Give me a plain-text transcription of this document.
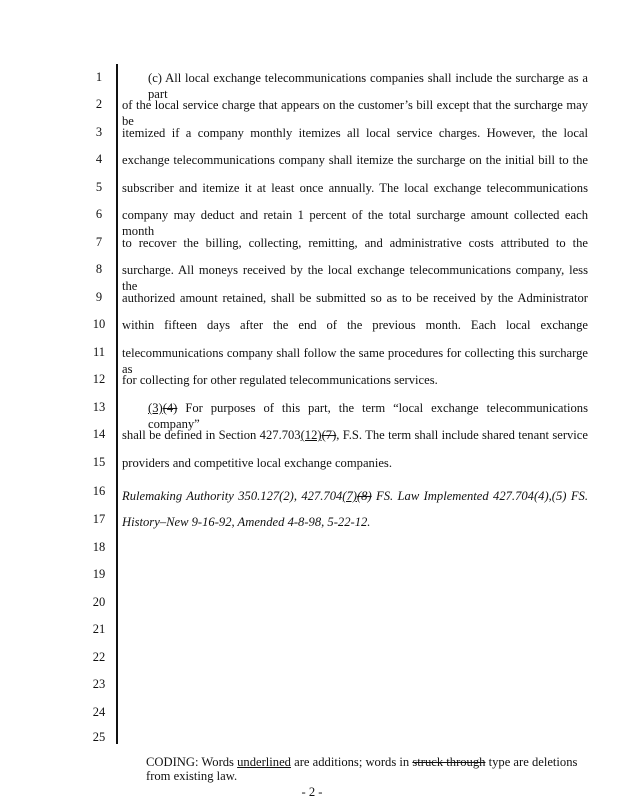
1
2
3
4
5
6
7
8
9
10
11
12
13
14
15
16
17
18
19
20
21
22
23
24
25
(c) All local exchange telecommunications companies shall include the surcharge as a part
of the local service charge that appears on the customer’s bill except that the surcharge may be
itemized if a company monthly itemizes all local service charges. However, the local
exchange telecommunications company shall itemize the surcharge on the initial bill to the
subscriber and itemize it at least once annually. The local exchange telecommunications
company may deduct and retain 1 percent of the total surcharge amount collected each month
to recover the billing, collecting, remitting, and administrative costs attributed to the
surcharge. All moneys received by the local exchange telecommunications company, less the
authorized amount retained, shall be submitted so as to be received by the Administrator
within fifteen days after the end of the previous month. Each local exchange
telecommunications company shall follow the same procedures for collecting this surcharge as
for collecting for other regulated telecommunications services.
(3)(4) For purposes of this part, the term “local exchange telecommunications company”
shall be defined in Section 427.703(12)(7), F.S. The term shall include shared tenant service
providers and competitive local exchange companies.
Rulemaking Authority 350.127(2), 427.704(7)(8) FS. Law Implemented 427.704(4),(5) FS.
History–New 9-16-92, Amended 4-8-98, 5-22-12.
CODING: Words underlined are additions; words in struck through type are deletions from existing law.
- 2 -
